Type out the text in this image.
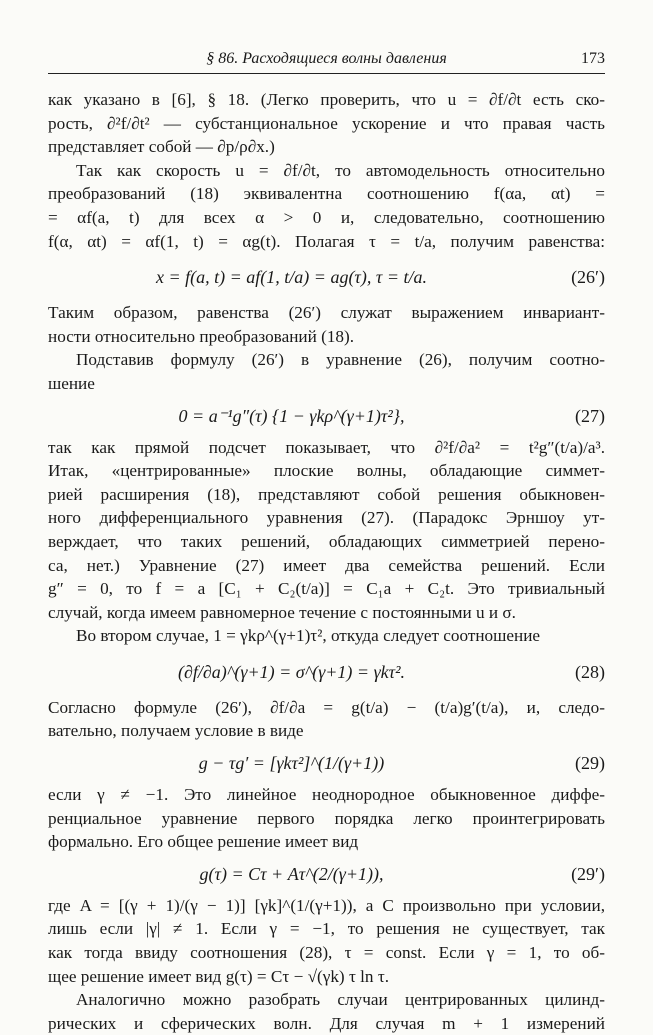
§ 86. Расходящиеся волны давления	173
как указано в [6], § 18. (Легко проверить, что u = ∂f/∂t есть ско-
рость, ∂²f/∂t² — субстанциональное ускорение и что правая часть
представляет собой — ∂p/ρ∂x.)
Так как скорость u = ∂f/∂t, то автомодельность относительно
преобразований (18) эквивалентна соотношению f(αa, αt) =
= αf(a, t) для всех α > 0 и, следовательно, соотношению
f(α, αt) = αf(1, t) = αg(t). Полагая τ = t/a, получим равенства:
x = f(a, t) = af(1, t/a) = ag(τ), τ = t/a.	(26′)
Таким образом, равенства (26′) служат выражением инвариант-
ности относительно преобразований (18).
Подставив формулу (26′) в уравнение (26), получим соотно-
шение
0 = a⁻¹g″(τ) {1 − γkρ^(γ+1)τ²},	(27)
так как прямой подсчет показывает, что ∂²f/∂a² = t²g″(t/a)/a³.
Итак, «центрированные» плоские волны, обладающие симмет-
рией расширения (18), представляют собой решения обыкновен-
ного дифференциального уравнения (27). (Парадокс Эрншоу ут-
верждает, что таких решений, обладающих симметрией перено-
са, нет.) Уравнение (27) имеет два семейства решений. Если
g″ = 0, то f = a [C₁ + C₂(t/a)] = C₁a + C₂t. Это тривиальный
случай, когда имеем равномерное течение с постоянными u и σ.
Во втором случае, 1 = γkρ^(γ+1)τ², откуда следует соотношение
(∂f/∂a)^(γ+1) = σ^(γ+1) = γkτ².	(28)
Согласно формуле (26′), ∂f/∂a = g(t/a) − (t/a)g′(t/a), и, следо-
вательно, получаем условие в виде
g − τg′ = [γkτ²]^(1/(γ+1))	(29)
если γ ≠ −1. Это линейное неоднородное обыкновенное диффе-
ренциальное уравнение первого порядка легко проинтегрировать
формально. Его общее решение имеет вид
g(τ) = Cτ + Aτ^(2/(γ+1)),	(29′)
где A = [(γ + 1)/(γ − 1)] [γk]^(1/(γ+1)), а C произвольно при условии,
лишь если |γ| ≠ 1. Если γ = −1, то решения не существует, так
как тогда ввиду соотношения (28), τ = const. Если γ = 1, то об-
щее решение имеет вид g(τ) = Cτ − √(γk) τ ln τ.
Аналогично можно разобрать случаи центрированных цилинд-
рических и сферических волн. Для случая m + 1 измерений
